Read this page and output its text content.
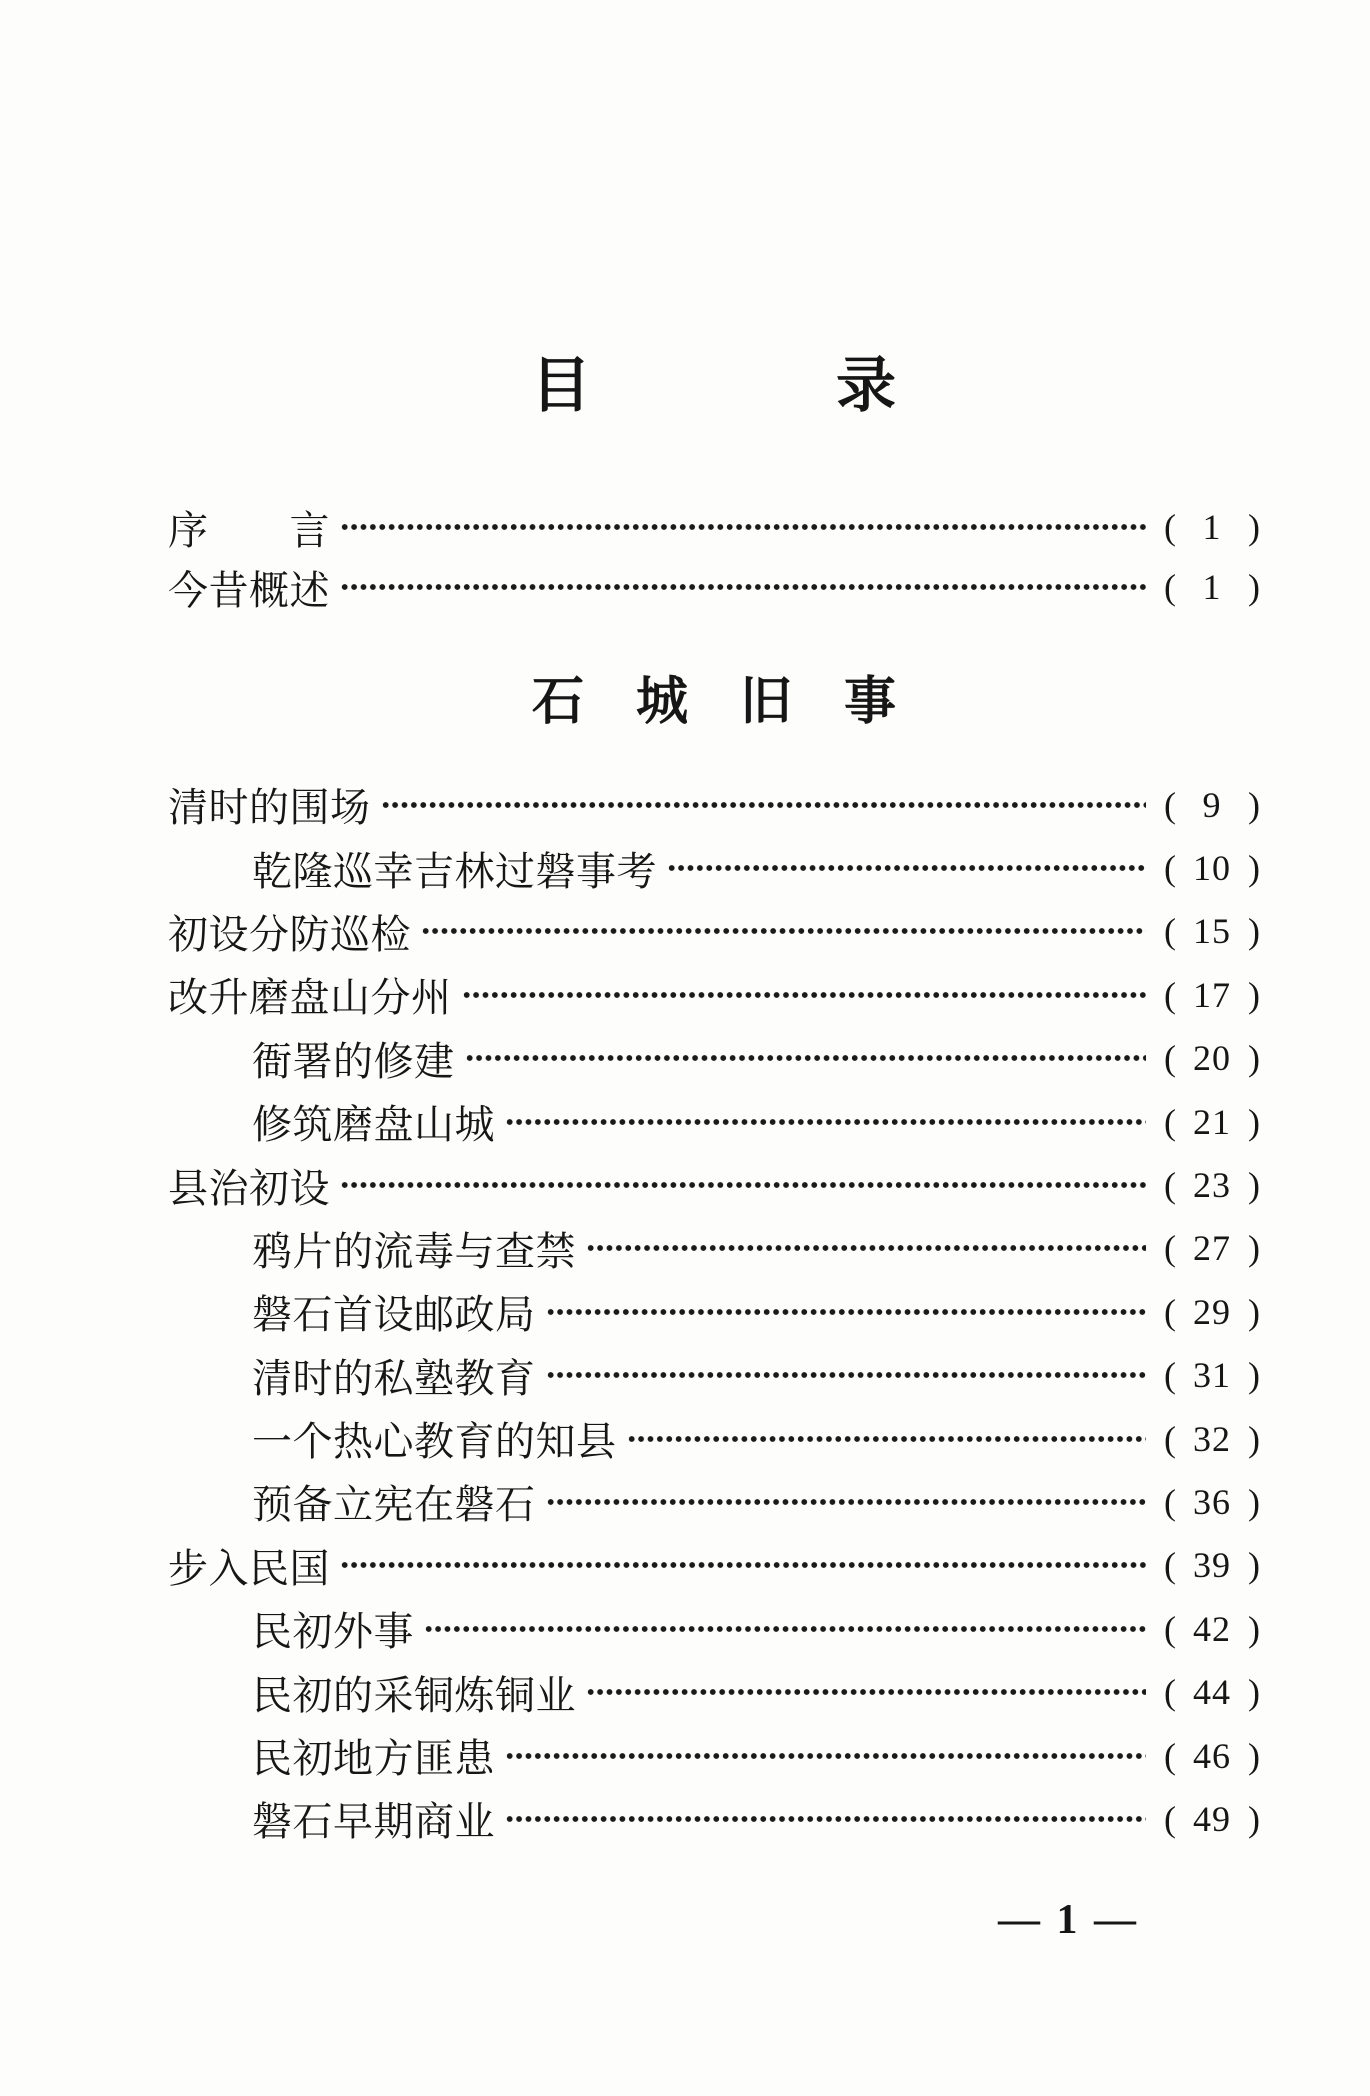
目　　　　录
序　　言	( 1 )
今昔概述	( 1 )
石　城　旧　事
清时的围场	( 9 )
乾隆巡幸吉林过磐事考	( 10 )
初设分防巡检	( 15 )
改升磨盘山分州	( 17 )
衙署的修建	( 20 )
修筑磨盘山城	( 21 )
县治初设	( 23 )
鸦片的流毒与查禁	( 27 )
磐石首设邮政局	( 29 )
清时的私塾教育	( 31 )
一个热心教育的知县	( 32 )
预备立宪在磐石	( 36 )
步入民国	( 39 )
民初外事	( 42 )
民初的采铜炼铜业	( 44 )
民初地方匪患	( 46 )
磐石早期商业	( 49 )
— 1 —
